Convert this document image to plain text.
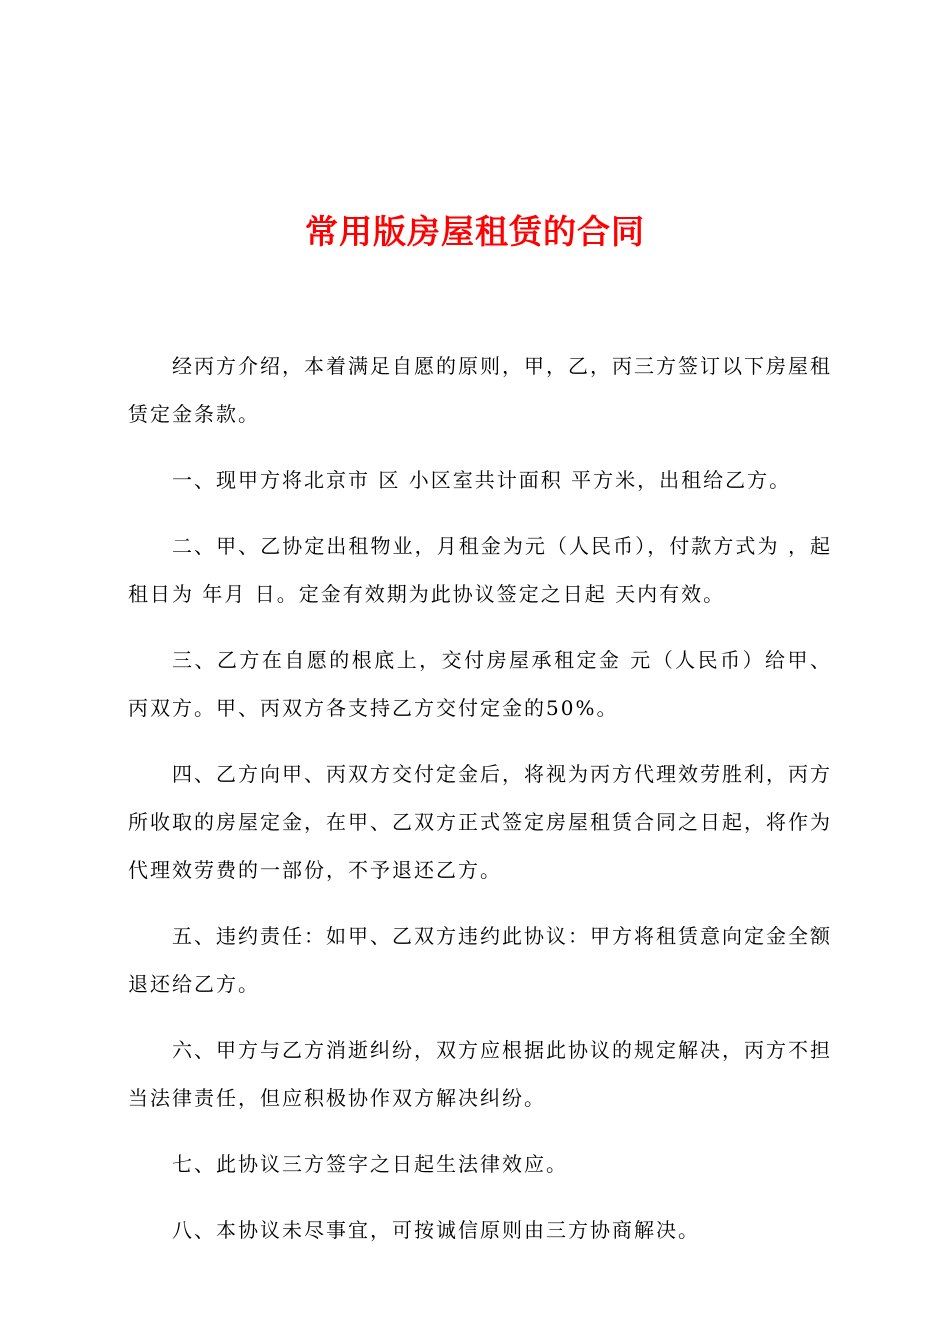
常用版房屋租赁的合同

经丙方介绍，本着满足自愿的原则，甲，乙，丙三方签订以下房屋租赁定金条款。

一、现甲方将北京市 区 小区室共计面积 平方米，出租给乙方。

二、甲、乙协定出租物业，月租金为元（人民币），付款方式为 ，起租日为 年月 日。定金有效期为此协议签定之日起 天内有效。

三、乙方在自愿的根底上，交付房屋承租定金 元（人民币）给甲、丙双方。甲、丙双方各支持乙方交付定金的50%。

四、乙方向甲、丙双方交付定金后，将视为丙方代理效劳胜利，丙方所收取的房屋定金，在甲、乙双方正式签定房屋租赁合同之日起，将作为代理效劳费的一部份，不予退还乙方。

五、违约责任：如甲、乙双方违约此协议：甲方将租赁意向定金全额退还给乙方。

六、甲方与乙方消逝纠纷，双方应根据此协议的规定解决，丙方不担当法律责任，但应积极协作双方解决纠纷。

七、此协议三方签字之日起生法律效应。

八、本协议未尽事宜，可按诚信原则由三方协商解决。
